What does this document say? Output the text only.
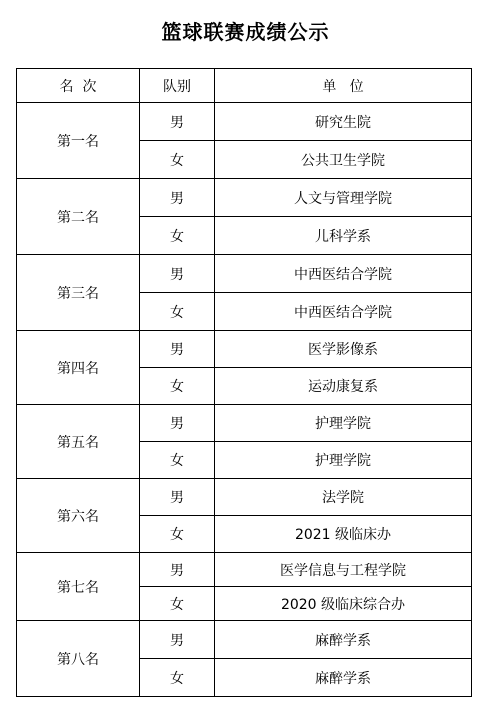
篮球联赛成绩公示
名  次	队别	单   位
第一名	男	研究生院
	女	公共卫生学院
第二名	男	人文与管理学院
	女	儿科学系
第三名	男	中西医结合学院
	女	中西医结合学院
第四名	男	医学影像系
	女	运动康复系
第五名	男	护理学院
	女	护理学院
第六名	男	法学院
	女	2021 级临床办
第七名	男	医学信息与工程学院
	女	2020 级临床综合办
第八名	男	麻醉学系
	女	麻醉学系
